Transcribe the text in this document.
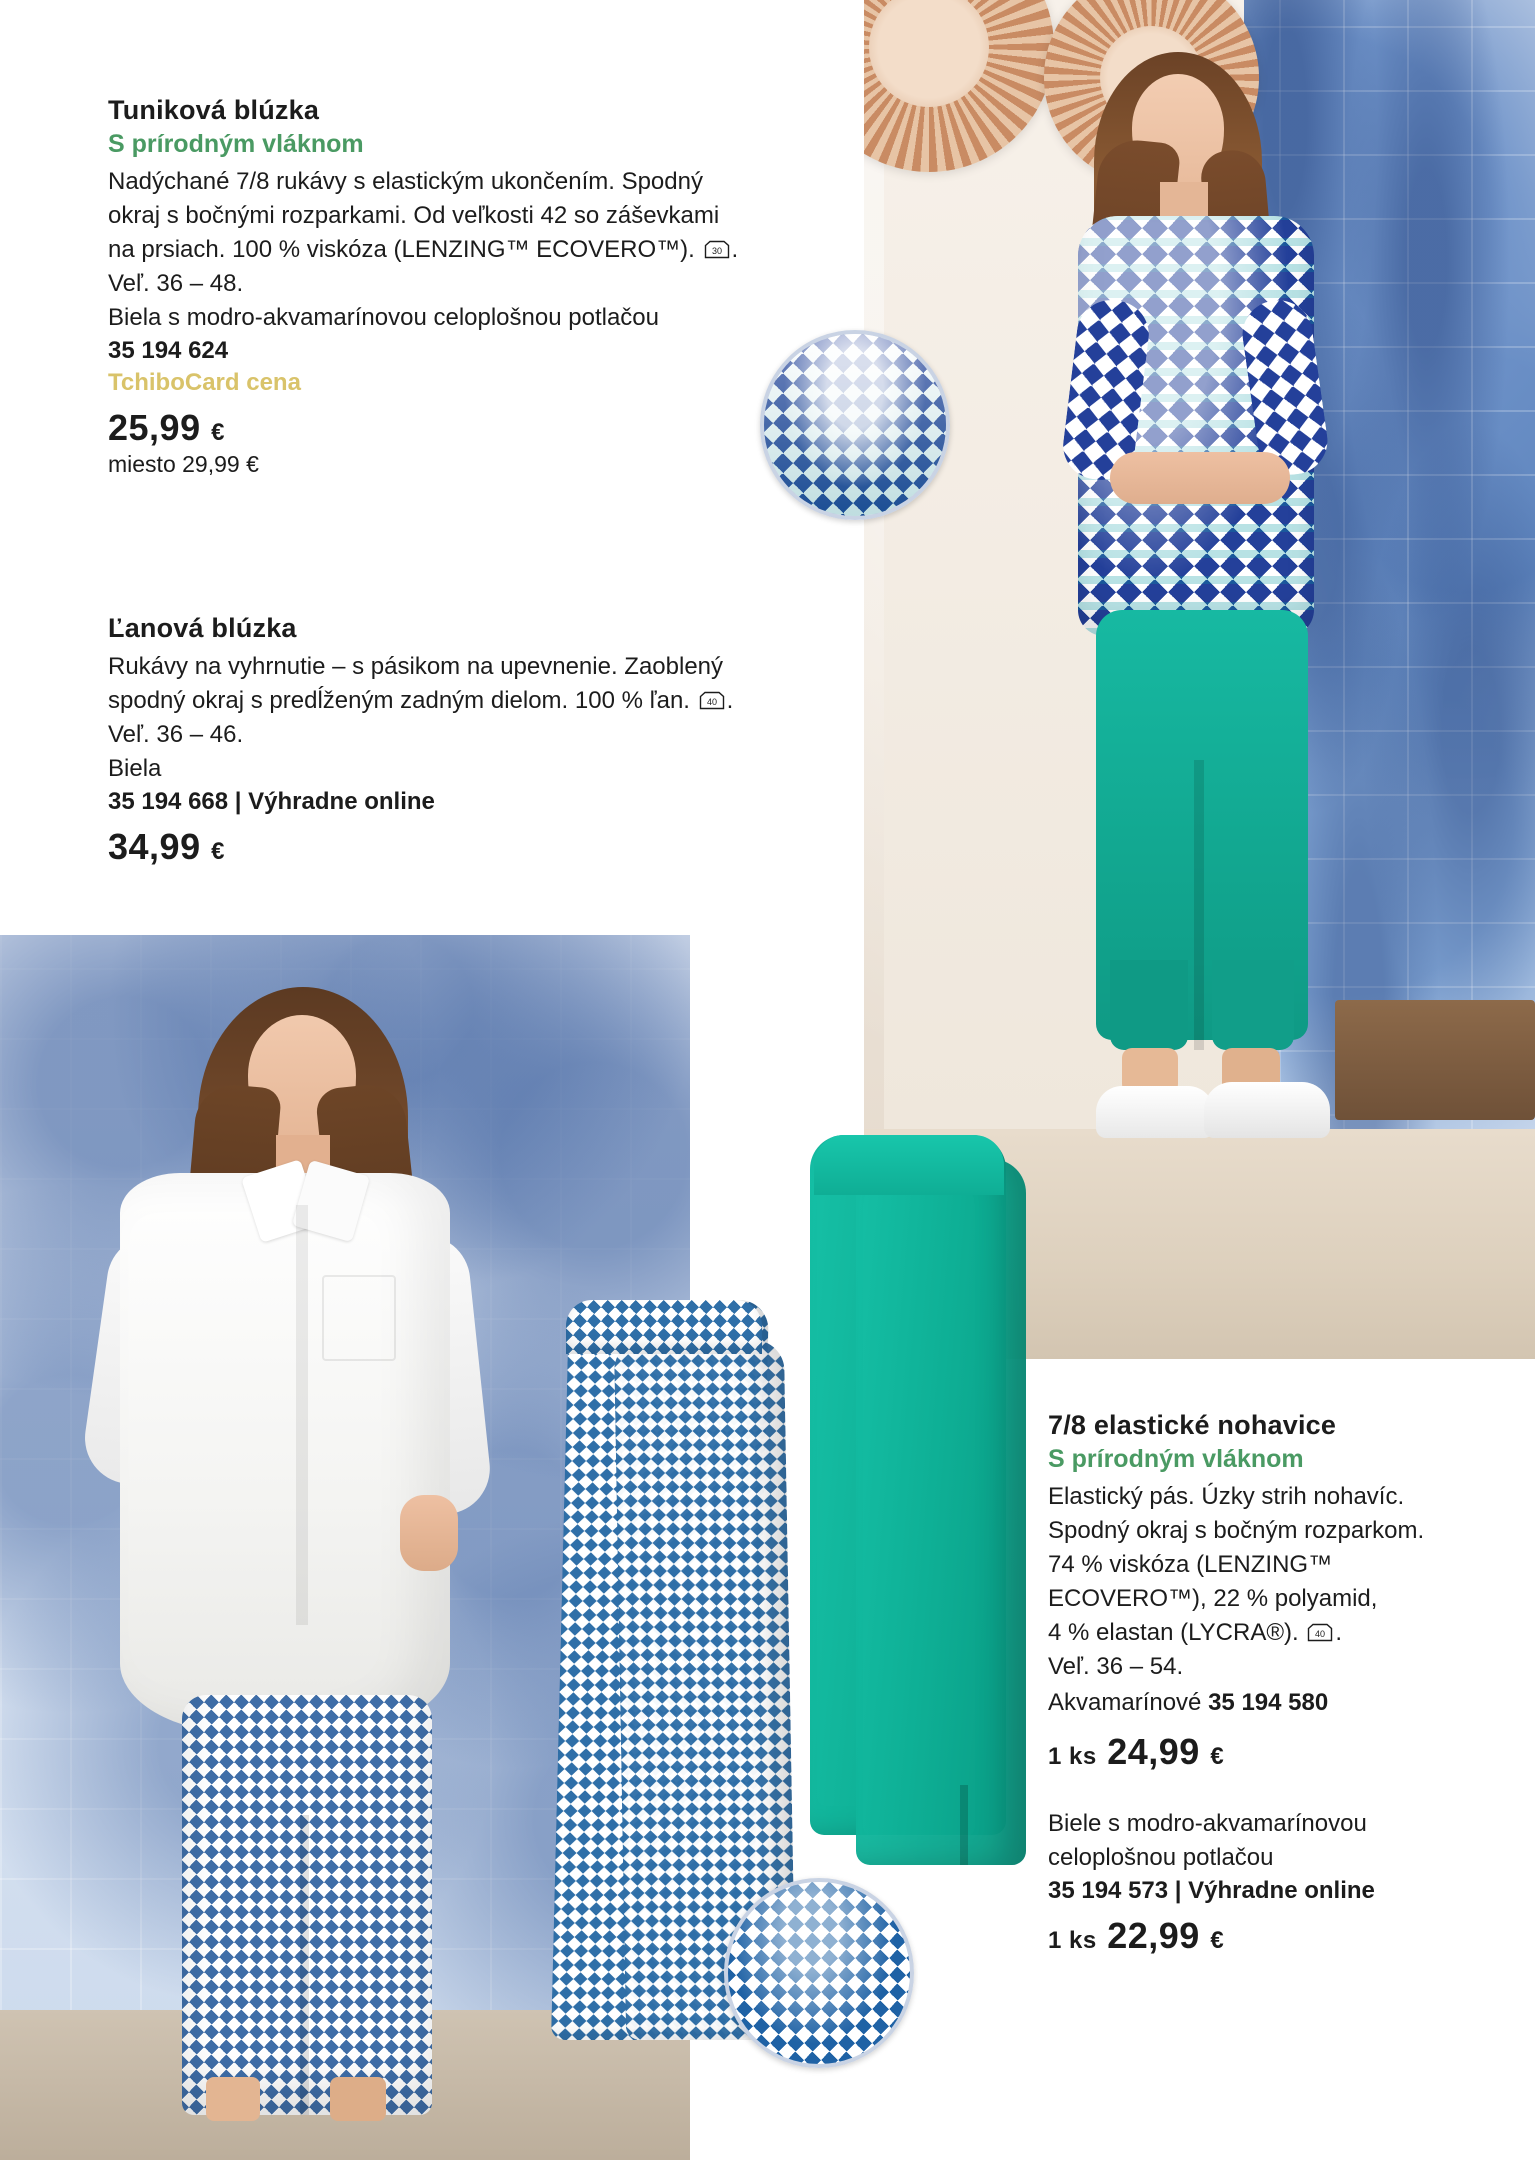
Tuniková blúzka
S prírodným vláknom
Nadýchané 7/8 rukávy s elastickým ukončením. Spodný
okraj s bočnými rozparkami. Od veľkosti 42 so záševkami
na prsiach. 100 % viskóza (LENZING™ ECOVERO™). 30 .
Veľ. 36 – 48.
Biela s modro-akvamarínovou celoplošnou potlačou
35 194 624
TchiboCard cena
25,99 €
miesto 29,99 €
Ľanová blúzka
Rukávy na vyhrnutie – s pásikom na upevnenie. Zaoblený
spodný okraj s predĺženým zadným dielom. 100 % ľan. 40 .
Veľ. 36 – 46.
Biela
35 194 668 | Výhradne online
34,99 €
7/8 elastické nohavice
S prírodným vláknom
Elastický pás. Úzky strih nohavíc.
Spodný okraj s bočným rozparkom.
74 % viskóza (LENZING™
ECOVERO™), 22 % polyamid,
4 % elastan (LYCRA®). 40 .
Veľ. 36 – 54.
Akvamarínové 35 194 580
1 ks 24,99 €
Biele s modro-akvamarínovou
celoplošnou potlačou
35 194 573 | Výhradne online
1 ks 22,99 €
